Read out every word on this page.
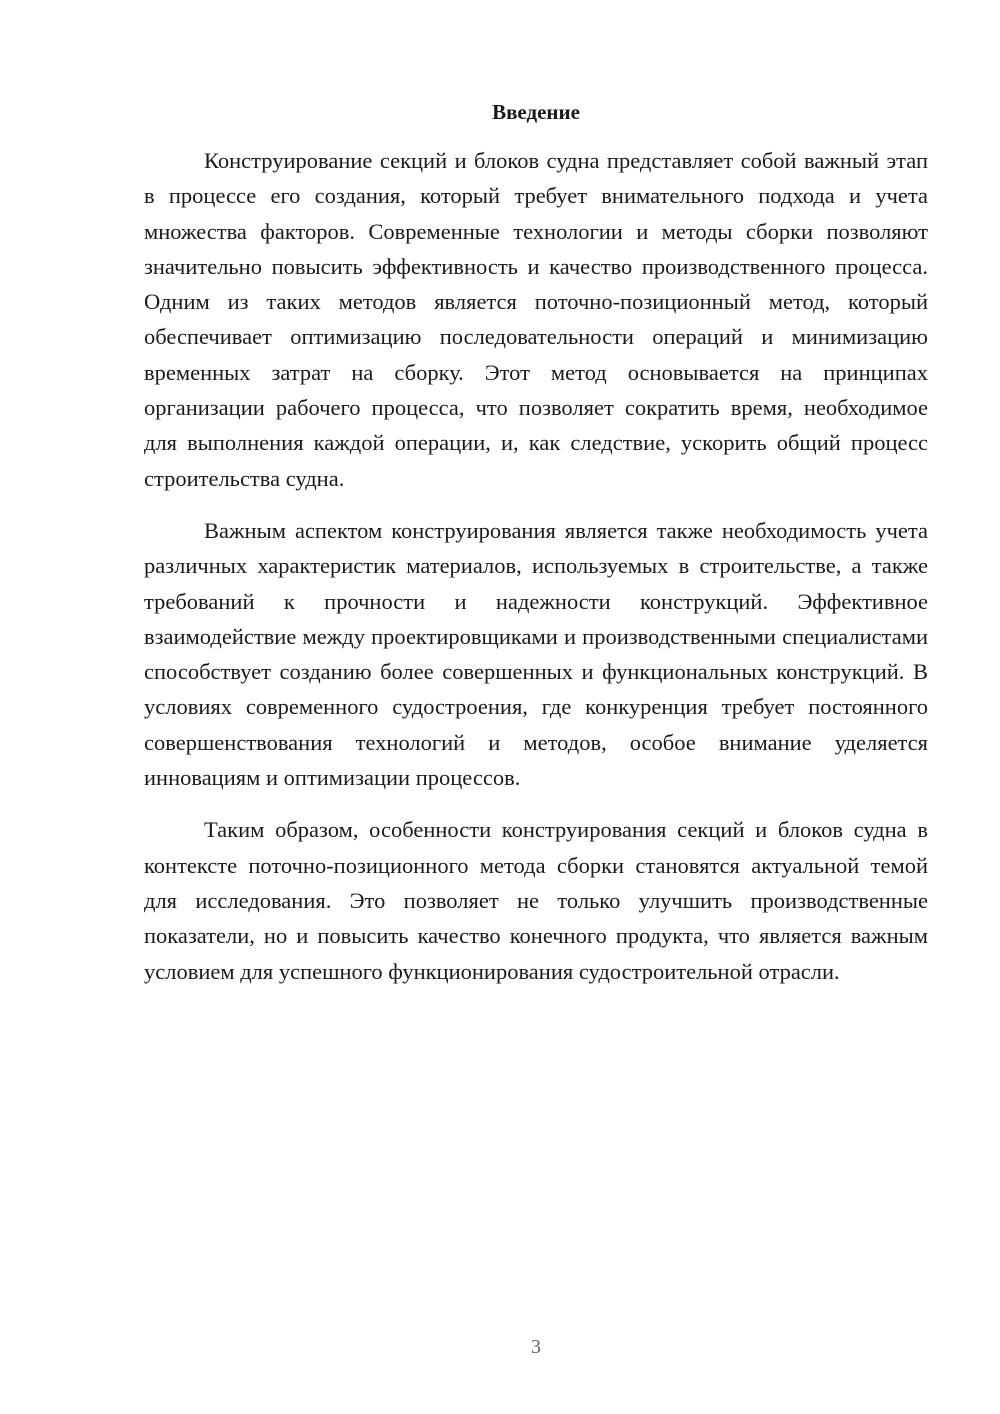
Введение

Конструирование секций и блоков судна представляет собой важный этап в процессе его создания, который требует внимательного подхода и учета множества факторов. Современные технологии и методы сборки позволяют значительно повысить эффективность и качество производственного процесса. Одним из таких методов является поточно-позиционный метод, который обеспечивает оптимизацию последовательности операций и минимизацию временных затрат на сборку. Этот метод основывается на принципах организации рабочего процесса, что позволяет сократить время, необходимое для выполнения каждой операции, и, как следствие, ускорить общий процесс строительства судна.

Важным аспектом конструирования является также необходимость учета различных характеристик материалов, используемых в строительстве, а также требований к прочности и надежности конструкций. Эффективное взаимодействие между проектировщиками и производственными специалистами способствует созданию более совершенных и функциональных конструкций. В условиях современного судостроения, где конкуренция требует постоянного совершенствования технологий и методов, особое внимание уделяется инновациям и оптимизации процессов.

Таким образом, особенности конструирования секций и блоков судна в контексте поточно-позиционного метода сборки становятся актуальной темой для исследования. Это позволяет не только улучшить производственные показатели, но и повысить качество конечного продукта, что является важным условием для успешного функционирования судостроительной отрасли.

3
